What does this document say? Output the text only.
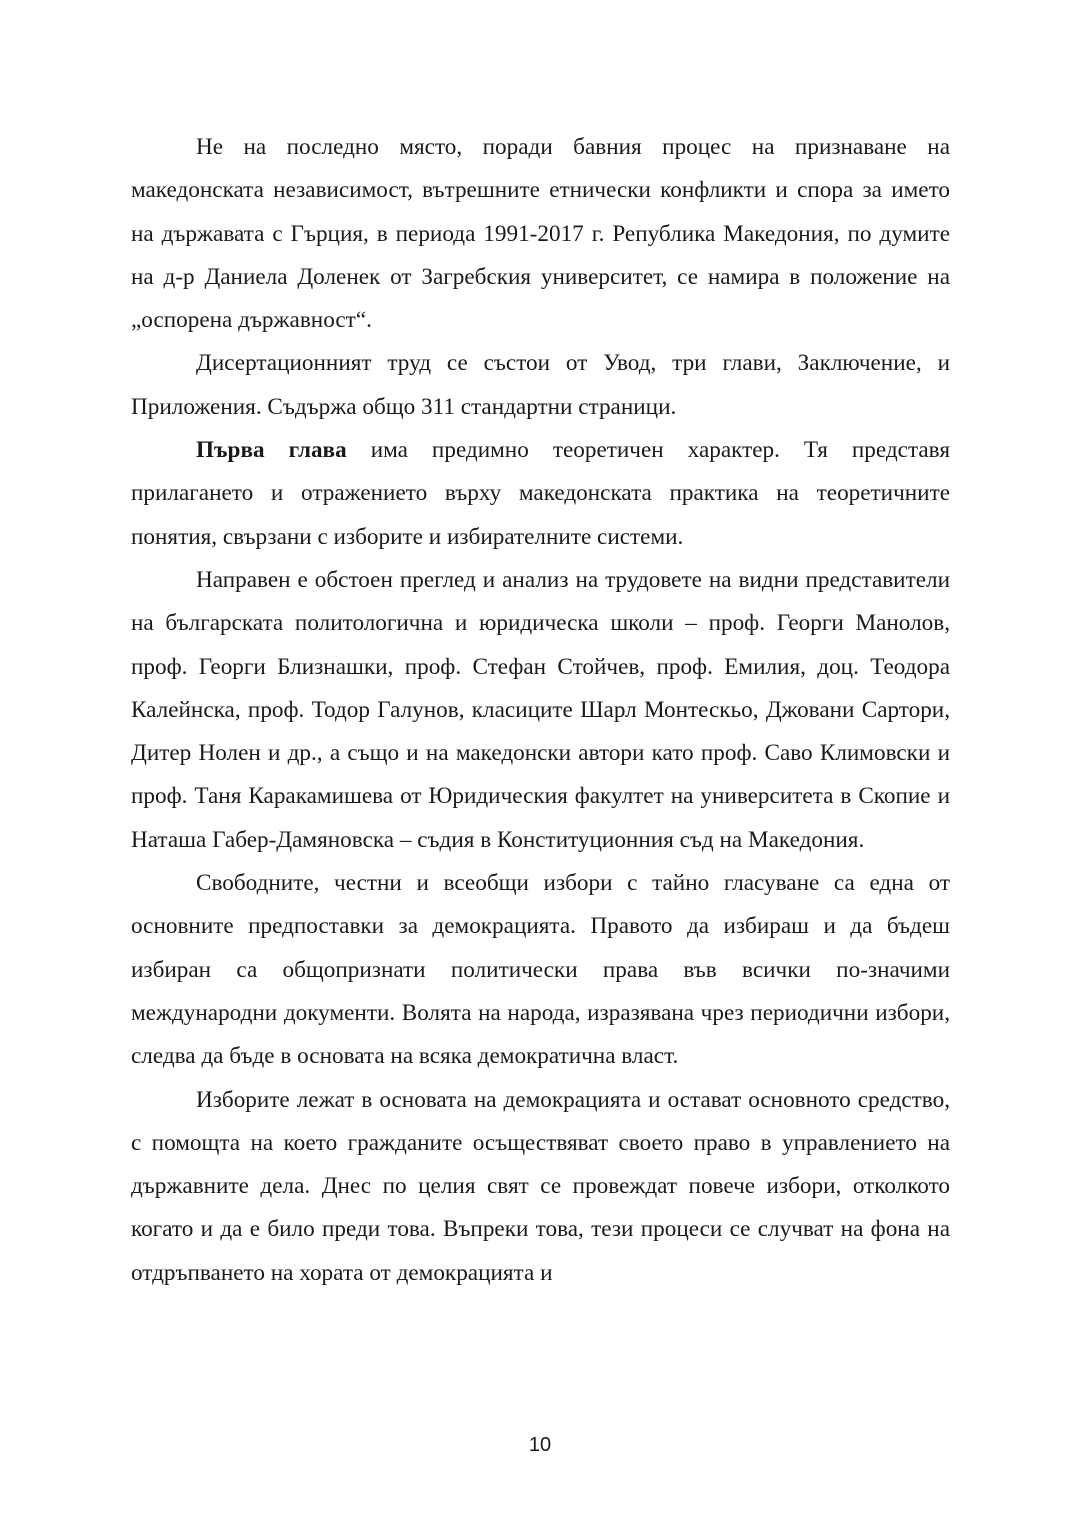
Не на последно място, поради бавния процес на признаване на македонската независимост, вътрешните етнически конфликти и спора за името на държавата с Гърция, в периода 1991-2017 г. Република Македония, по думите на д-р Даниела Доленек от Загребския университет, се намира в положение на „оспорена държавност“.

Дисертационният труд се състои от Увод, три глави, Заключение, и Приложения. Съдържа общо 311 стандартни страници.

Първа глава има предимно теоретичен характер. Тя представя прилагането и отражението върху македонската практика на теоретичните понятия, свързани с изборите и избирателните системи.

Направен е обстоен преглед и анализ на трудовете на видни представители на българската политологична и юридическа школи – проф. Георги Манолов, проф. Георги Близнашки, проф. Стефан Стойчев, проф. Емилия, доц. Теодора Калейнска, проф. Тодор Галунов, класиците Шарл Монтескьо, Джовани Сартори, Дитер Нолен и др., а също и на македонски автори като проф. Саво Климовски и проф. Таня Каракамишева от Юридическия факултет на университета в Скопие и Наташа Габер-Дамяновска – съдия в Конституционния съд на Македония.

Свободните, честни и всеобщи избори с тайно гласуване са една от основните предпоставки за демокрацията. Правото да избираш и да бъдеш избиран са общопризнати политически права във всички по-значими международни документи. Волята на народа, изразявана чрез периодични избори, следва да бъде в основата на всяка демократична власт.

Изборите лежат в основата на демокрацията и остават основното средство, с помощта на което гражданите осъществяват своето право в управлението на държавните дела. Днес по целия свят се провеждат повече избори, отколкото когато и да е било преди това. Въпреки това, тези процеси се случват на фона на отдръпването на хората от демокрацията и

10
